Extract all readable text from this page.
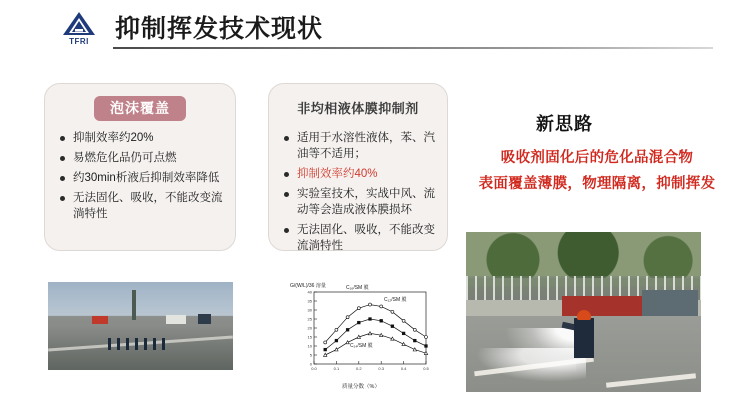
TFRI 抑制挥发技术现状
泡沫覆盖
抑制效率约20%
易燃危化品仍可点燃
约30min析液后抑制效率降低
无法固化、吸收，不能改变流淌特性
非均相液体膜抑制剂
适用于水溶性液体，苯、汽油等不适用；
抑制效率约40%
实验室技术，实战中风、流动等会造成液体膜损坏
无法固化、吸收，不能改变流淌特性
新思路
吸收剂固化后的危化品混合物
表面覆盖薄膜，物理隔离，抑制挥发
G/(W/L)/36 溶量
0
5
10
15
20
25
30
35
40
0.0	0.1	0.2	0.3	0.4	0.5
质量分数（%）
C₁₆/SM 膜
C₁₂/SM 膜
C₁₄/SM 膜
